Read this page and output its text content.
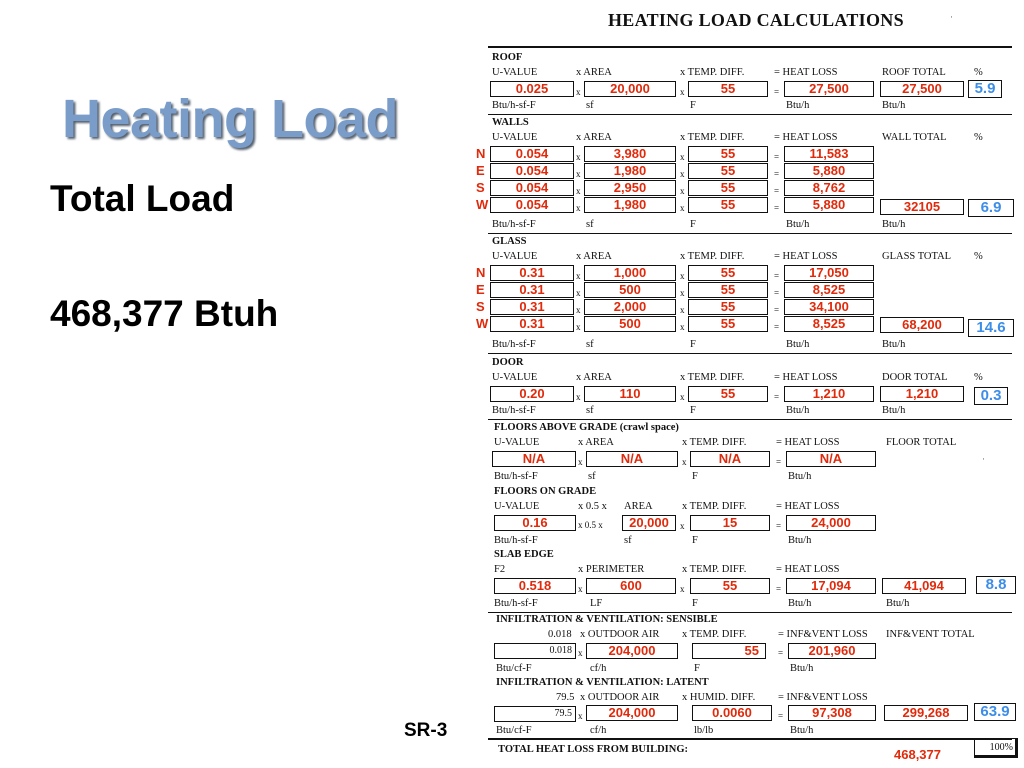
Heating Load
Total Load
468,377 Btuh
SR-3
HEATING LOAD CALCULATIONS	·
ROOF
U-VALUE	x AREA	x TEMP. DIFF.	= HEAT LOSS	ROOF TOTAL	%
0.025	x	20,000	x	55	=	27,500	27,500	5.9
Btu/h-sf-F	sf	F	Btu/h	Btu/h
WALLS
U-VALUE	x AREA	x TEMP. DIFF.	= HEAT LOSS	WALL TOTAL	%
N	0.054	x	3,980	x	55	=	11,583
E	0.054	x	1,980	x	55	=	5,880
S	0.054	x	2,950	x	55	=	8,762
W	0.054	x	1,980	x	55	=	5,880	32105	6.9
Btu/h-sf-F	sf	F	Btu/h	Btu/h
GLASS
U-VALUE	x AREA	x TEMP. DIFF.	= HEAT LOSS	GLASS TOTAL %
N	0.31	x	1,000	x	55	=	17,050
E	0.31	x	500	x	55	=	8,525
S	0.31	x	2,000	x	55	=	34,100
W	0.31	x	500	x	55	=	8,525	68,200	14.6
Btu/h-sf-F	sf	F	Btu/h	Btu/h
DOOR
U-VALUE	x AREA	x TEMP. DIFF.	= HEAT LOSS	DOOR TOTAL	%
0.20	x	110	x	55	=	1,210	1,210	0.3
Btu/h-sf-F	sf	F	Btu/h	Btu/h
FLOORS ABOVE GRADE (crawl space)
U-VALUE	x AREA	x TEMP. DIFF.	= HEAT LOSS	FLOOR TOTAL
N/A	x	N/A	x	N/A	=	N/A	·
Btu/h-sf-F	sf	F	Btu/h
FLOORS ON GRADE
U-VALUE	x 0.5 x AREA	x TEMP. DIFF.	= HEAT LOSS
0.16	x 0.5 x	20,000	x	15	=	24,000
Btu/h-sf-F	sf	F	Btu/h
SLAB EDGE
F2	x PERIMETER	x TEMP. DIFF.	= HEAT LOSS
0.518	x	600	x	55	=	17,094	41,094	8.8
Btu/h-sf-F	LF	F	Btu/h	Btu/h
INFILTRATION & VENTILATION: SENSIBLE
0.018 x OUTDOOR AIR x TEMP. DIFF.	= INF&VENT LOSS INF&VENT TOTAL
0.018 x	204,000	55	=	201,960
Btu/cf-F	cf/h	F	Btu/h
INFILTRATION & VENTILATION: LATENT
79.5 x OUTDOOR AIR x HUMID. DIFF. = INF&VENT LOSS
79.5 x	204,000	0.0060	=	97,308	299,268	63.9
Btu/cf-F	cf/h	lb/lb	Btu/h
TOTAL HEAT LOSS FROM BUILDING:	468,377	100%
